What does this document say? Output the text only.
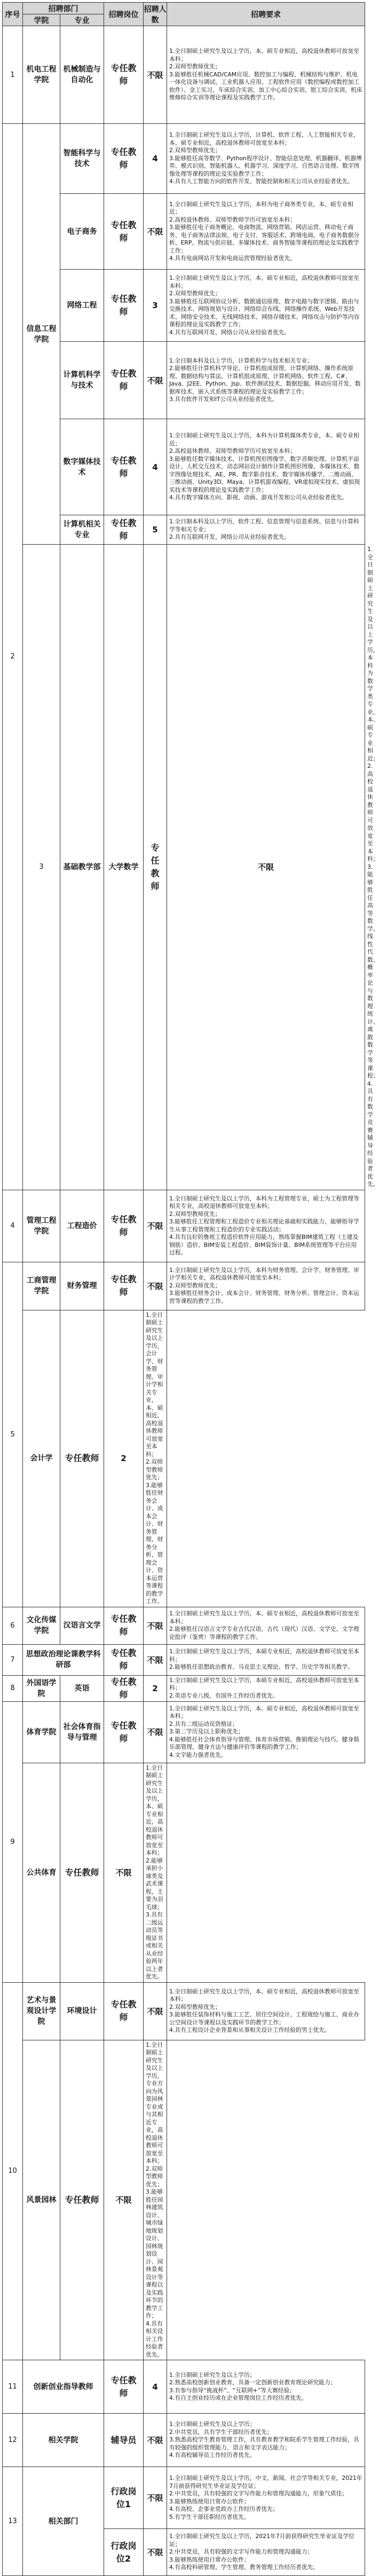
序号	招聘部门		招聘岗位	招聘人数	招聘要求	
	学院	专业				
1	机电工程学院	机械制造与自动化	专任教师	不限	1.全日制硕士研究生及以上学历，本、硕专业相近，高校退休教师可放宽至本科；
2.双师型教师优先；
3.能够胜任机械CAD/CAM应用、数控加工与编程、机械结构与维护、机电一体化设备与调试、工业机器人应用、工程软件应用（数控编程或数控加工软件）、金工实习、车床综合实训、加工中心综合实训、钳工综合实训、机床维修综合实训等理论课程及实践教学工作。	

2	信息工程学院	智能科学与技术	专任教师	4	1.全日制硕士研究生及以上学历，计算机、软件工程、人工智能相关专业，本、硕专业相近，高校退休教师可放宽至本科；
2.双师型教师优先；
3.能够胜任高等数学、Python程序设计、智能信息处理、机器翻译、机器博弈、模式识别、智能机器人、机器学习、深度学习、自然语言处理、数字图像处理等课程的理论及实验教学工作；
4.具有人工智能方向的软件开发、智能控制和相关公司从业经验者优先。	

		电子商务	专任教师	不限	1.全日制硕士研究生及以上学历，本科为电子商务类专业，本、硕专业相近；
2.高校退休教师、双师型教师学历可放宽至本科；
3.能够胜任电子商务概论、电商物流、网络营销、网店运营、移动电子商务、电子商务法律法规、电子支付、客服话术、跨境电商、电子商务数据分析、ERP、物流与供应链、多媒体技术、商务智能等课程的理论及实践教学工作；
4.具有电商网站开发和电商运营管理经验者优先。	

		网络工程	专任教师	3	1.全日制硕士研究生及以上学历，本、硕专业相近，高校退休教师可放宽至本科；
2.双师型教师优先；
3.能够胜任互联网协议分析、数据通信原理、数字电路与数字逻辑、路由与交换技术、网络规划与设计、网络综合布线、网络操作系统、Web开发技术、网络安全技术、无线网络技术、网络存储技术、网络攻击与防护等内容课程的理论及实践教学工作；
4.具有互联网开发、网络公司从业经验者优先。	

		计算机科学与技术	专任教师	不限	1.全日制本科及以上学历，计算机科学与技术相关专业；
2.能够胜任计算机科学导论、计算机组成原理、计算机网络、操作系统原理、数据结构与算法、计算机组成原理、计算机网络、软件工程、C#、Java、J2EE、Python、Jsp、软件测试技术、数据挖掘、移动应用开发、数据库技术、嵌入式系统等课程的理论及实验教学工作；
3.具有软件开发和IT公司从业经验者优先。	

		数字媒体技术	专任教师	4	1.全日制硕士研究生及以上学历，本科为计算机媒体类专业，本、硕专业相近；
2.高校退休教师、双师型教师学历可放宽至本科；
3.能够胜任数字媒体技术、计算机图形图像学、数字音频处理、计算机平面设计、人机交互技术、动态网站设计制作计算机图形图像、多媒体技术、数字图像处理技术、AE、PR、数字影音技术、数字媒体传播学、二维动画、三维动画、Unity3D、Maya、计算机游戏编程、VR虚拟现实技术、虚拟现实技术等课程的理论及实践教学工作；
4.具有数字媒体方向、影视、动画、游戏开发和公司从业经验者优先。	

		计算机相关专业	专任教师	5	1.全日制本科及以上学历，软件工程、信息管理与信息系统、信息与计算科学等相关专业；
2.具有互联网开发、网络公司从业经验者优先。	

	3	基础教学部	大学数学	专任教师	不限	1.全日制硕士研究生及以上学历，本科为数学类专业，本、硕专业相近；
2.高校退休教师可放宽至本科；
3.能够胜任高等数学、线性代数、概率论与数理统计、离散数学等课程；
4.具有数学竞赛辅导经验者优先。

4	管理工程学院	工程造价	专任教师	不限	1.全日制硕士研究生及以上学历，本科为工程管理专业，硕士为工程管理等相关专业，高校退休教师可放宽至本科；
2.双师型教师优先；
3.能够胜任工程管理和工程造价专业相关理论基础和实践能力，能够指导学生从事工程管理和工程造价的专业实践活动；
4.具有良好的鲁班工程造价软件应用能力，熟练掌握BIM建筑工程（土建及钢筋）造价、BIM安装工程造价、BIM装饰计量、BIM系统管理等平台应用过程。	

5	工商管理学院	财务管理	专任教师	不限	1.全日制硕士研究生及以上学历，本科为财务管理、会计学、财务管理、审计学相关专业，高校退休教师可放宽至本科；
2.双师型教师优先；
3.能够胜任财务会计、成本会计、财务管理、财务分析、管理会计、资本运营等课程的教学工作。	

	会计学	专任教师	2	1.全日制硕士研究生及以上学历，会计学、财务管理、审计学相关专业，本、硕相近，高校退休教师可放宽至本科；
2.双师型教师优先；
3.能够胜任财务会计、成本会计、财务管理、财务分析、管理会计、资本运营等课程的教学工作。		

6	文化传媒学院	汉语言文学	专任教师	不限	1.全日制硕士研究生及以上学历，本、硕专业相近，高校退休教师可放宽至本科；
2.能够胜任汉语言文学专业古代汉语、古代（现代）汉语、文学史、文学理论批评（鉴赏）等课程的教学工作。	

7	思想政治理论课教学科研部		专任教师	不限	1.全日制硕士研究生及以上学历，本硕专业相近，高校退休教师可放宽至本科；
2.能够胜任思想政治教育、马克思主义理论、哲学、历史学等相关教学。	

8	外国语学院	英语	专任教师	2	1.全日制硕士研究生及以上学历，本硕专业相近，高校退休教师可放宽至本科；
2.英语专业八级，有国外工作经历者优先。	

9	体育学院	社会体育指导与管理	专任教师	不限	1.全日制硕士研究生及以上学历，本、硕专业相近，高校退休教师可放宽至本科；
2.具有二级运动员资格证；
3.第二学历及以上职称优先；
4.能够胜任社会体育指导与管理、体育市场营销、推销理论与技巧、健身俱乐部管理、健身方法与健康评价等课程的教学工作；
4.文字能力强者优先。	

	公共体育	专任教师	不限	1.全日制硕士研究生及以上学历，本、硕专业相近，高校退休教师可放宽至本科；
2.能够承担小球类及武术课程，主要为羽毛球；
3.具有二级运动员等级证书或相关从业经验两年以上者优先。		

10	艺术与景观设计学院	环境设计	专任教师	不限	1.全日制硕士研究生及以上学历，本、硕专业相近，高校退休教师可放宽至本科；
2.双师型教师优先；
3.能够胜任装饰材料与施工工艺、居住空间设计、工程规绘与施工、商业办公空间设计等课程以及实践环节的教学工作；
4.具有工程设计企业背景和从事相关设计工作经验的男士优先。	

	风景园林	专任教师	不限	1.全日制硕士研究生及以上学历，专业方向为风景园林专业或与其相近专业，高校退休教师可放宽至本科；
2.双师型教师优先；
3.能够胜任园林建筑设计、城市绿地规划设计、园林规划设计、园林景观设计等课程以及实践环节的教学工作；
4.具有相关设计工作经验者优先。		

11	创新创业指导教师		专任教师	4	1.全日制硕士研究生及以上学历；
2.熟悉高校创新创业教育，具备一定创新创业教育理论研究能力；
3.有参与指导“挑战杯”、“互联网+”等大赛经验；
4.有自主创业经历或在企业管理岗位工作经历者优先。	

12	相关学院		辅导员	不限	1.全日制硕士研究生及以上学历；
2.中共党员，具有学生干部经历者优先；
3.熟悉高校学生教育管理工作，具有教育教学和院系学生管理工作经验，具有较强的组织管理能力、语言和文字表达能力；
4.有高校辅导员工作经历者优先。	

13	相关部门		行政岗位1	不限	1.全日制硕士研究生及以上学历，中文、新闻、社会学等相关专业，2021年7月前获得研究生毕业证及学位证；
2.中共党员，具有较强的文字写作能力和管理沟通能力，形象气质佳；
3.能够熟练使用日常办公软件；
4.有高校、企事业党政办工作经历者优先；
5.有学生干部任职经历者优先。	

			行政岗位2	不限	1.全日制硕士研究生及以上学历，2021年7月前获得研究生毕业证及学位证；
2.中共党员，具有较强的文字写作能力和管理沟通能力；
3.能够熟练使用日常办公软件；
4.有高校科研管理、学生管理、教务管理工作经历者优先。	
